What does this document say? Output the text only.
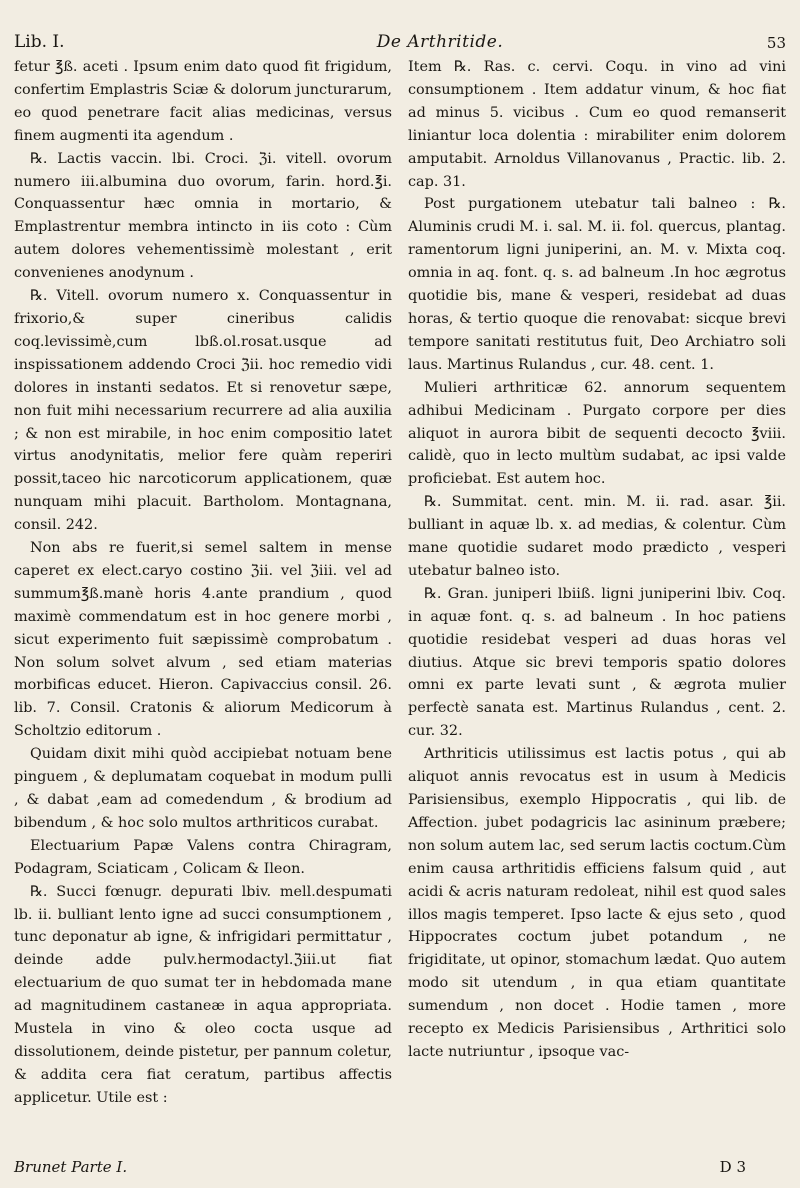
Lib. I.	De Arthritide.	53

fetur ℥ß. aceti . Ipsum enim dato quod fit frigidum, confertim Emplastris Sciæ & dolorum juncturarum, eo quod penetrare facit alias medicinas, versus finem augmenti ita agendum .

℞. Lactis vaccin. lbi. Croci. ℨi. vitell. ovorum numero iii.albumina duo ovorum, farin. hord.℥i. Conquassentur hæc omnia in mortario, & Emplastrentur membra intincto in iis coto : Cùm autem dolores vehementissimè molestant , erit convenienes anodynum .

℞. Vitell. ovorum numero x. Conquassentur in frixorio,& super cineribus calidis coq.levissimè,cum lbß.ol.rosat.usque ad inspissationem addendo Croci ℨii. hoc remedio vidi dolores in instanti sedatos. Et si renovetur sæpe, non fuit mihi necessarium recurrere ad alia auxilia ; & non est mirabile, in hoc enim compositio latet virtus anodynitatis, melior fere quàm reperiri possit,taceo hic narcoticorum applicationem, quæ nunquam mihi placuit. Bartholom. Montagnana, consil. 242.

Non abs re fuerit,si semel saltem in mense caperet ex elect.caryo costino ℨii. vel ℨiii. vel ad summum℥ß.manè horis 4.ante prandium , quod maximè commendatum est in hoc genere morbi , sicut experimento fuit sæpissimè comprobatum . Non solum solvet alvum , sed etiam materias morbificas educet. Hieron. Capivaccius consil. 26. lib. 7. Consil. Cratonis & aliorum Medicorum à Scholtzio editorum .

Quidam dixit mihi quòd accipiebat notuam bene pinguem , & deplumatam coquebat in modum pulli , & dabat ,eam ad comedendum , & brodium ad bibendum , & hoc solo multos arthriticos curabat.

Electuarium Papæ Valens contra Chiragram, Podagram, Sciaticam , Colicam & Ileon.

℞. Succi fœnugr. depurati lbiv. mell.despumati lb. ii. bulliant lento igne ad succi consumptionem , tunc deponatur ab igne, & infrigidari permittatur , deinde adde pulv.hermodactyl.ℨiii.ut fiat electuarium de quo sumat ter in hebdomada mane ad magnitudinem castaneæ in aqua appropriata. Mustela in vino & oleo cocta usque ad dissolutionem, deinde pistetur, per pannum coletur, & addita cera fiat ceratum, partibus affectis applicetur. Utile est :

Item ℞. Ras. c. cervi. Coqu. in vino ad vini consumptionem . Item addatur vinum, & hoc fiat ad minus 5. vicibus . Cum eo quod remanserit liniantur loca dolentia : mirabiliter enim dolorem amputabit. Arnoldus Villanovanus , Practic. lib. 2. cap. 31.

Post purgationem utebatur tali balneo : ℞. Aluminis crudi M. i. sal. M. ii. fol. quercus, plantag. ramentorum ligni juniperini, an. M. v. Mixta coq. omnia in aq. font. q. s. ad balneum .In hoc ægrotus quotidie bis, mane & vesperi, residebat ad duas horas, & tertio quoque die renovabat: sicque brevi tempore sanitati restitutus fuit, Deo Archiatro soli laus. Martinus Rulandus , cur. 48. cent. 1.

Mulieri arthriticæ 62. annorum sequentem adhibui Medicinam . Purgato corpore per dies aliquot in aurora bibit de sequenti decocto ℥viii. calidè, quo in lecto multùm sudabat, ac ipsi valde proficiebat. Est autem hoc.

℞. Summitat. cent. min. M. ii. rad. asar. ℥ii. bulliant in aquæ lb. x. ad medias, & colentur. Cùm mane quotidie sudaret modo prædicto , vesperi utebatur balneo isto.

℞. Gran. juniperi lbiiß. ligni juniperini lbiv. Coq. in aquæ font. q. s. ad balneum . In hoc patiens quotidie residebat vesperi ad duas horas vel diutius. Atque sic brevi temporis spatio dolores omni ex parte levati sunt , & ægrota mulier perfectè sanata est. Martinus Rulandus , cent. 2. cur. 32.

Arthriticis utilissimus est lactis potus , qui ab aliquot annis revocatus est in usum à Medicis Parisiensibus, exemplo Hippocratis , qui lib. de Affection. jubet podagricis lac asininum præbere; non solum autem lac, sed serum lactis coctum.Cùm enim causa arthritidis efficiens falsum quid , aut acidi & acris naturam redoleat, nihil est quod sales illos magis temperet. Ipso lacte & ejus seto , quod Hippocrates coctum jubet potandum , ne frigiditate, ut opinor, stomachum lædat. Quo autem modo sit utendum , in qua etiam quantitate sumendum , non docet . Hodie tamen , more recepto ex Medicis Parisiensibus , Arthritici solo lacte nutriuntur , ipsoque vac-

Brunet Parte I.	D 3
